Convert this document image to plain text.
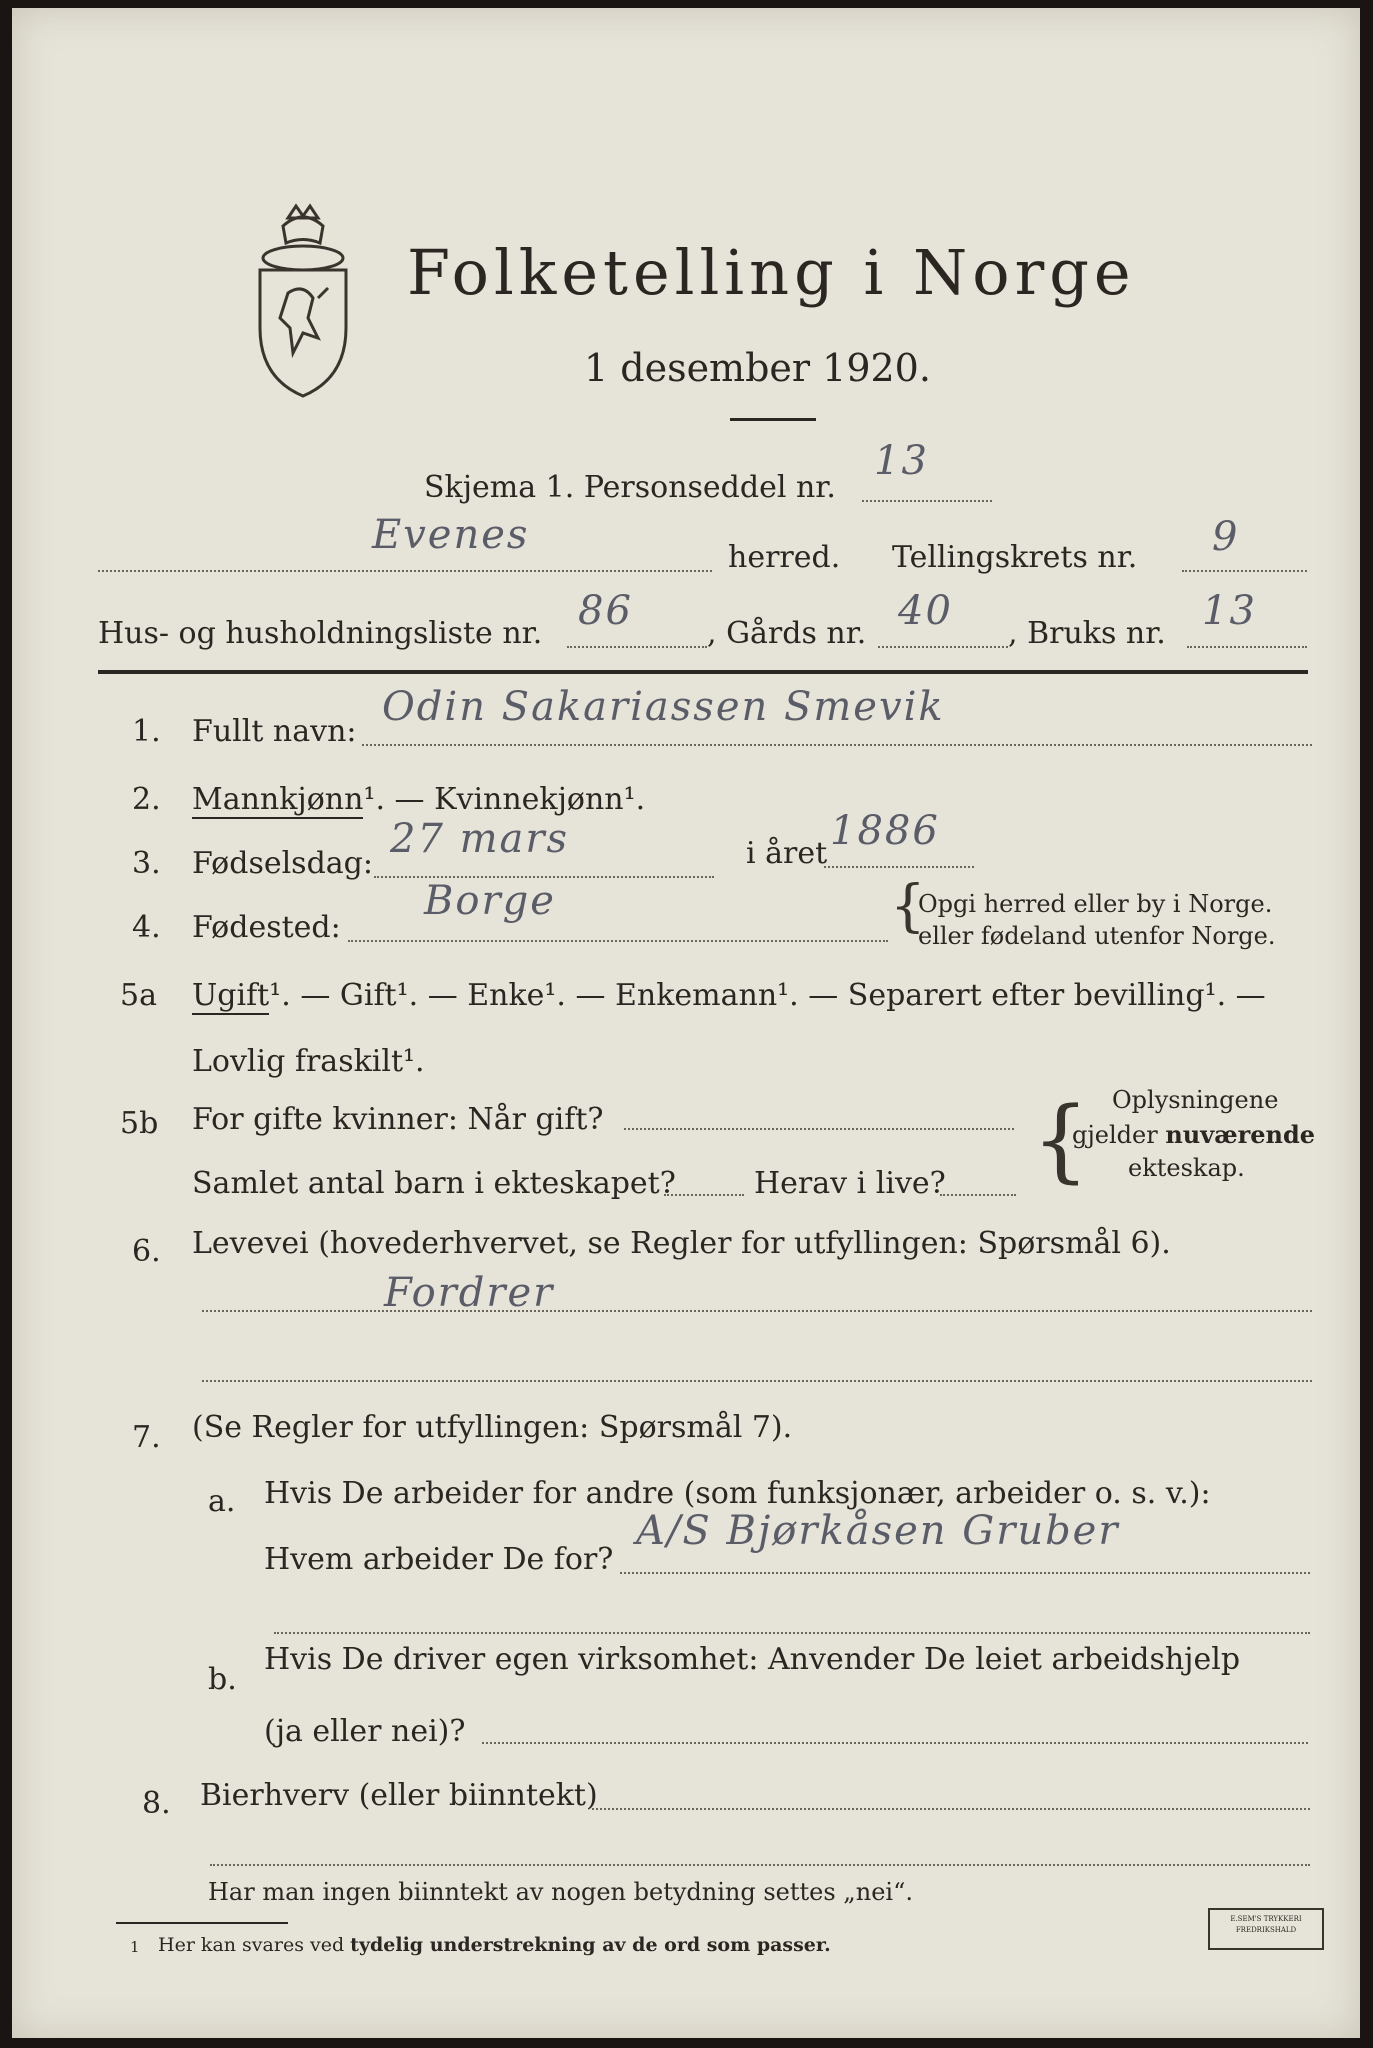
Folketelling i Norge
1 desember 1920.
Skjema 1. Personseddel nr.
13
Evenes	herred. Tellingskrets nr. 9
Hus- og husholdningsliste nr. 86 , Gårds nr. 40 , Bruks nr. 13
1. Fullt navn:
Odin Sakariassen Smevik
2. Mannkjønn¹. — Kvinnekjønn¹.
3. Fødselsdag:
27 mars	i året 1886
4. Fødested:
Borge	{
Opgi herred eller by i Norge.
eller fødeland utenfor Norge.
5a Ugift¹. — Gift¹. — Enke¹. — Enkemann¹. — Separert efter bevilling¹. —
Lovlig fraskilt¹.
5b For gifte kvinner: Når gift?
Samlet antal barn i ekteskapet?	Herav i live? { Oplysningene
gjelder nuværende
ekteskap.
6. Levevei (hovederhvervet, se Regler for utfyllingen: Spørsmål 6).
Fordrer
7. (Se Regler for utfyllingen: Spørsmål 7).
a. Hvis De arbeider for andre (som funksjonær, arbeider o. s. v.):
Hvem arbeider De for?
A/S Bjørkåsen Gruber
b.
Hvis De driver egen virksomhet: Anvender De leiet arbeidshjelp
(ja eller nei)?
8. Bierhverv (eller biinntekt)
Har man ingen biinntekt av nogen betydning settes „nei“.
1 Her kan svares ved tydelig understrekning av de ord som passer.
E.SEM'S TRYKKERI
FREDRIKSHALD
